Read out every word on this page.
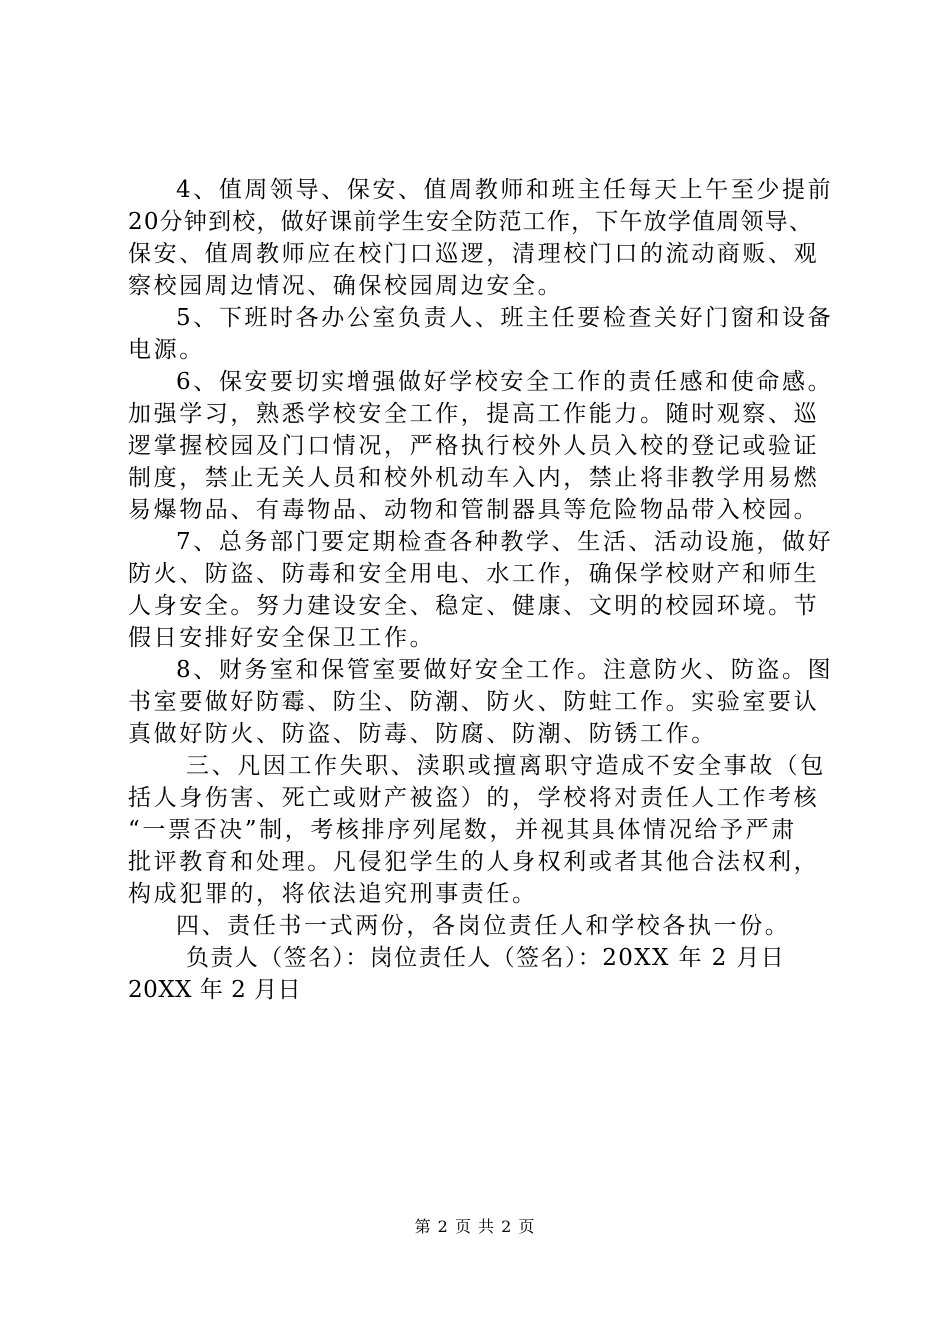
4、值周领导、保安、值周教师和班主任每天上午至少提前
20分钟到校，做好课前学生安全防范工作，下午放学值周领导、
保安、值周教师应在校门口巡逻，清理校门口的流动商贩、观
察校园周边情况、确保校园周边安全。
5、下班时各办公室负责人、班主任要检查关好门窗和设备
电源。
6、保安要切实增强做好学校安全工作的责任感和使命感。
加强学习，熟悉学校安全工作，提高工作能力。随时观察、巡
逻掌握校园及门口情况，严格执行校外人员入校的登记或验证
制度，禁止无关人员和校外机动车入内，禁止将非教学用易燃
易爆物品、有毒物品、动物和管制器具等危险物品带入校园。
7、总务部门要定期检查各种教学、生活、活动设施，做好
防火、防盗、防毒和安全用电、水工作，确保学校财产和师生
人身安全。努力建设安全、稳定、健康、文明的校园环境。节
假日安排好安全保卫工作。
8、财务室和保管室要做好安全工作。注意防火、防盗。图
书室要做好防霉、防尘、防潮、防火、防蛀工作。实验室要认
真做好防火、防盗、防毒、防腐、防潮、防锈工作。
三、凡因工作失职、渎职或擅离职守造成不安全事故（包
括人身伤害、死亡或财产被盗）的，学校将对责任人工作考核
“一票否决”制，考核排序列尾数，并视其具体情况给予严肃
批评教育和处理。凡侵犯学生的人身权利或者其他合法权利，
构成犯罪的，将依法追究刑事责任。
四、责任书一式两份，各岗位责任人和学校各执一份。
负责人（签名）：岗位责任人（签名）：20XX 年 2 月日
20XX 年 2 月日
第 2 页 共 2 页
